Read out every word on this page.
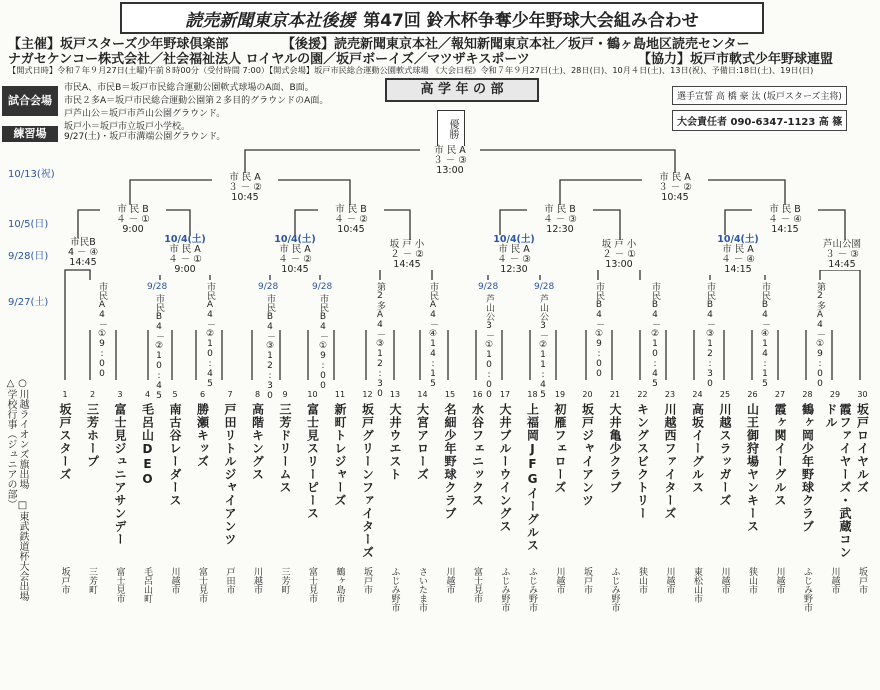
読売新聞東京本社後援 第47回 鈴木杯争奪少年野球大会組み合わせ
【主催】坂戸スターズ少年野球倶楽部	【後援】読売新聞東京本社／報知新聞東京本社／坂戸・鶴ヶ島地区読売センター
ナガセケンコー株式会社／社会福祉法人 ロイヤルの園／坂戸ボーイズ／マツザキスポーツ	【協力】坂戸市軟式少年野球連盟
【開式日時】令和７年９月27日(土曜)午前８時00分（受付時間 7:00）【開式会場】坂戸市民総合運動公園軟式球場 《大会日程》令和７年９月27日(土)、28日(日)、10月４日(土)、13日(祝)、予備日:18日(土)、19日(日)
試合会場
市民A、市民B＝坂戸市民総合運動公園軟式球場のA面、B面。
市民２多A＝坂戸市民総合運動公園第２多目的グラウンドのA面。
戸芦山公＝坂戸市芦山公園グラウンド。
坂戸小＝坂戸市立坂戸小学校。
練習場	9/27(土)・坂戸市溝端公園グラウンド。
高 学 年 の 部	選手宣誓 高 橋 豪 汰 (坂戸スターズ主将)
大会責任者 090-6347-1123 高 篠
優勝
10/13(祝)
10/5(日)
9/28(日)
9/27(土)
市 民 A
３ － ③
13:00
市 民 A
３ － ②
10:45
市 民 A
３ － ②
10:45
市 民 B
４ － ①
9:00
市 民 B
４ － ②
10:45
市 民 B
４ － ③
12:30
市 民 B
４ － ④
14:15
市民B
4 － ④
14:45
10/4(土)
市 民 A
４ － ①
9:00
10/4(土)
市 民 A
４ － ②
10:45
坂 戸 小
２ － ②
14:45
10/4(土)
市 民 A
４ － ③
12:30
坂 戸 小
２ － ①
13:00
10/4(土)
市 民 A
４ － ④
14:15
芦山公園
３ － ③
14:45
市民A4－①9:00	9/28
市民B4－②10:45	市民A4－②10:45	9/28
市民B4－③12:30
9/28
市民B4－①9:00	第2多A4－③12:30	市民A4－④14:15	9/28
芦山公3－①10:00
9/28
芦山公3－②11:45	市民B4－①9:00	市民B4－②10:45	市民B4－③12:30	市民B4－④14:15	第2多A4－①9:00
○川越ライオンズ旗出場 □東武鉄道杯大会出場 △学校行事（ジュニアの部）	1
坂戸スターズ
坂戸市
2
三芳ホープ
三芳町
3
富士見ジュニアサンデー
富士見市
4
毛呂山DEO
毛呂山町
5
南古谷レーダース
川越市
6
勝瀬キッズ
富士見市
7
戸田リトルジャイアンツ
戸田市
8
高階キングス
川越市
9
三芳ドリームス
三芳町
10
富士見スリーピース
富士見市
11
新町トレジャーズ
鶴ヶ島市
12
坂戸グリーンファイターズ
坂戸市
13
大井ウエスト
ふじみ野市
14
大宮アローズ
さいたま市
15
名細少年野球クラブ
川越市
16
水谷フェニックス
富士見市
17
大井ブルーウイングス
ふじみ野市
18
上福岡JFGイーグルス
ふじみ野市
19
初雁フェローズ
川越市
20
坂戸ジャイアンツ
坂戸市
21
大井亀少クラブ
ふじみ野市
22
キングスビクトリー
狭山市
23
川越西ファイターズ
川越市
24
高坂イーグルス
東松山市
25
川越スラッガーズ
川越市
26
山王御狩場ヤンキース
狭山市
27
霞ヶ関イーグルス
川越市
28
鶴ヶ岡少年野球クラブ
ふじみ野市
29
霞ファイヤーズ・武蔵コンドル
川越市
30
坂戸ロイヤルズ
坂戸市
